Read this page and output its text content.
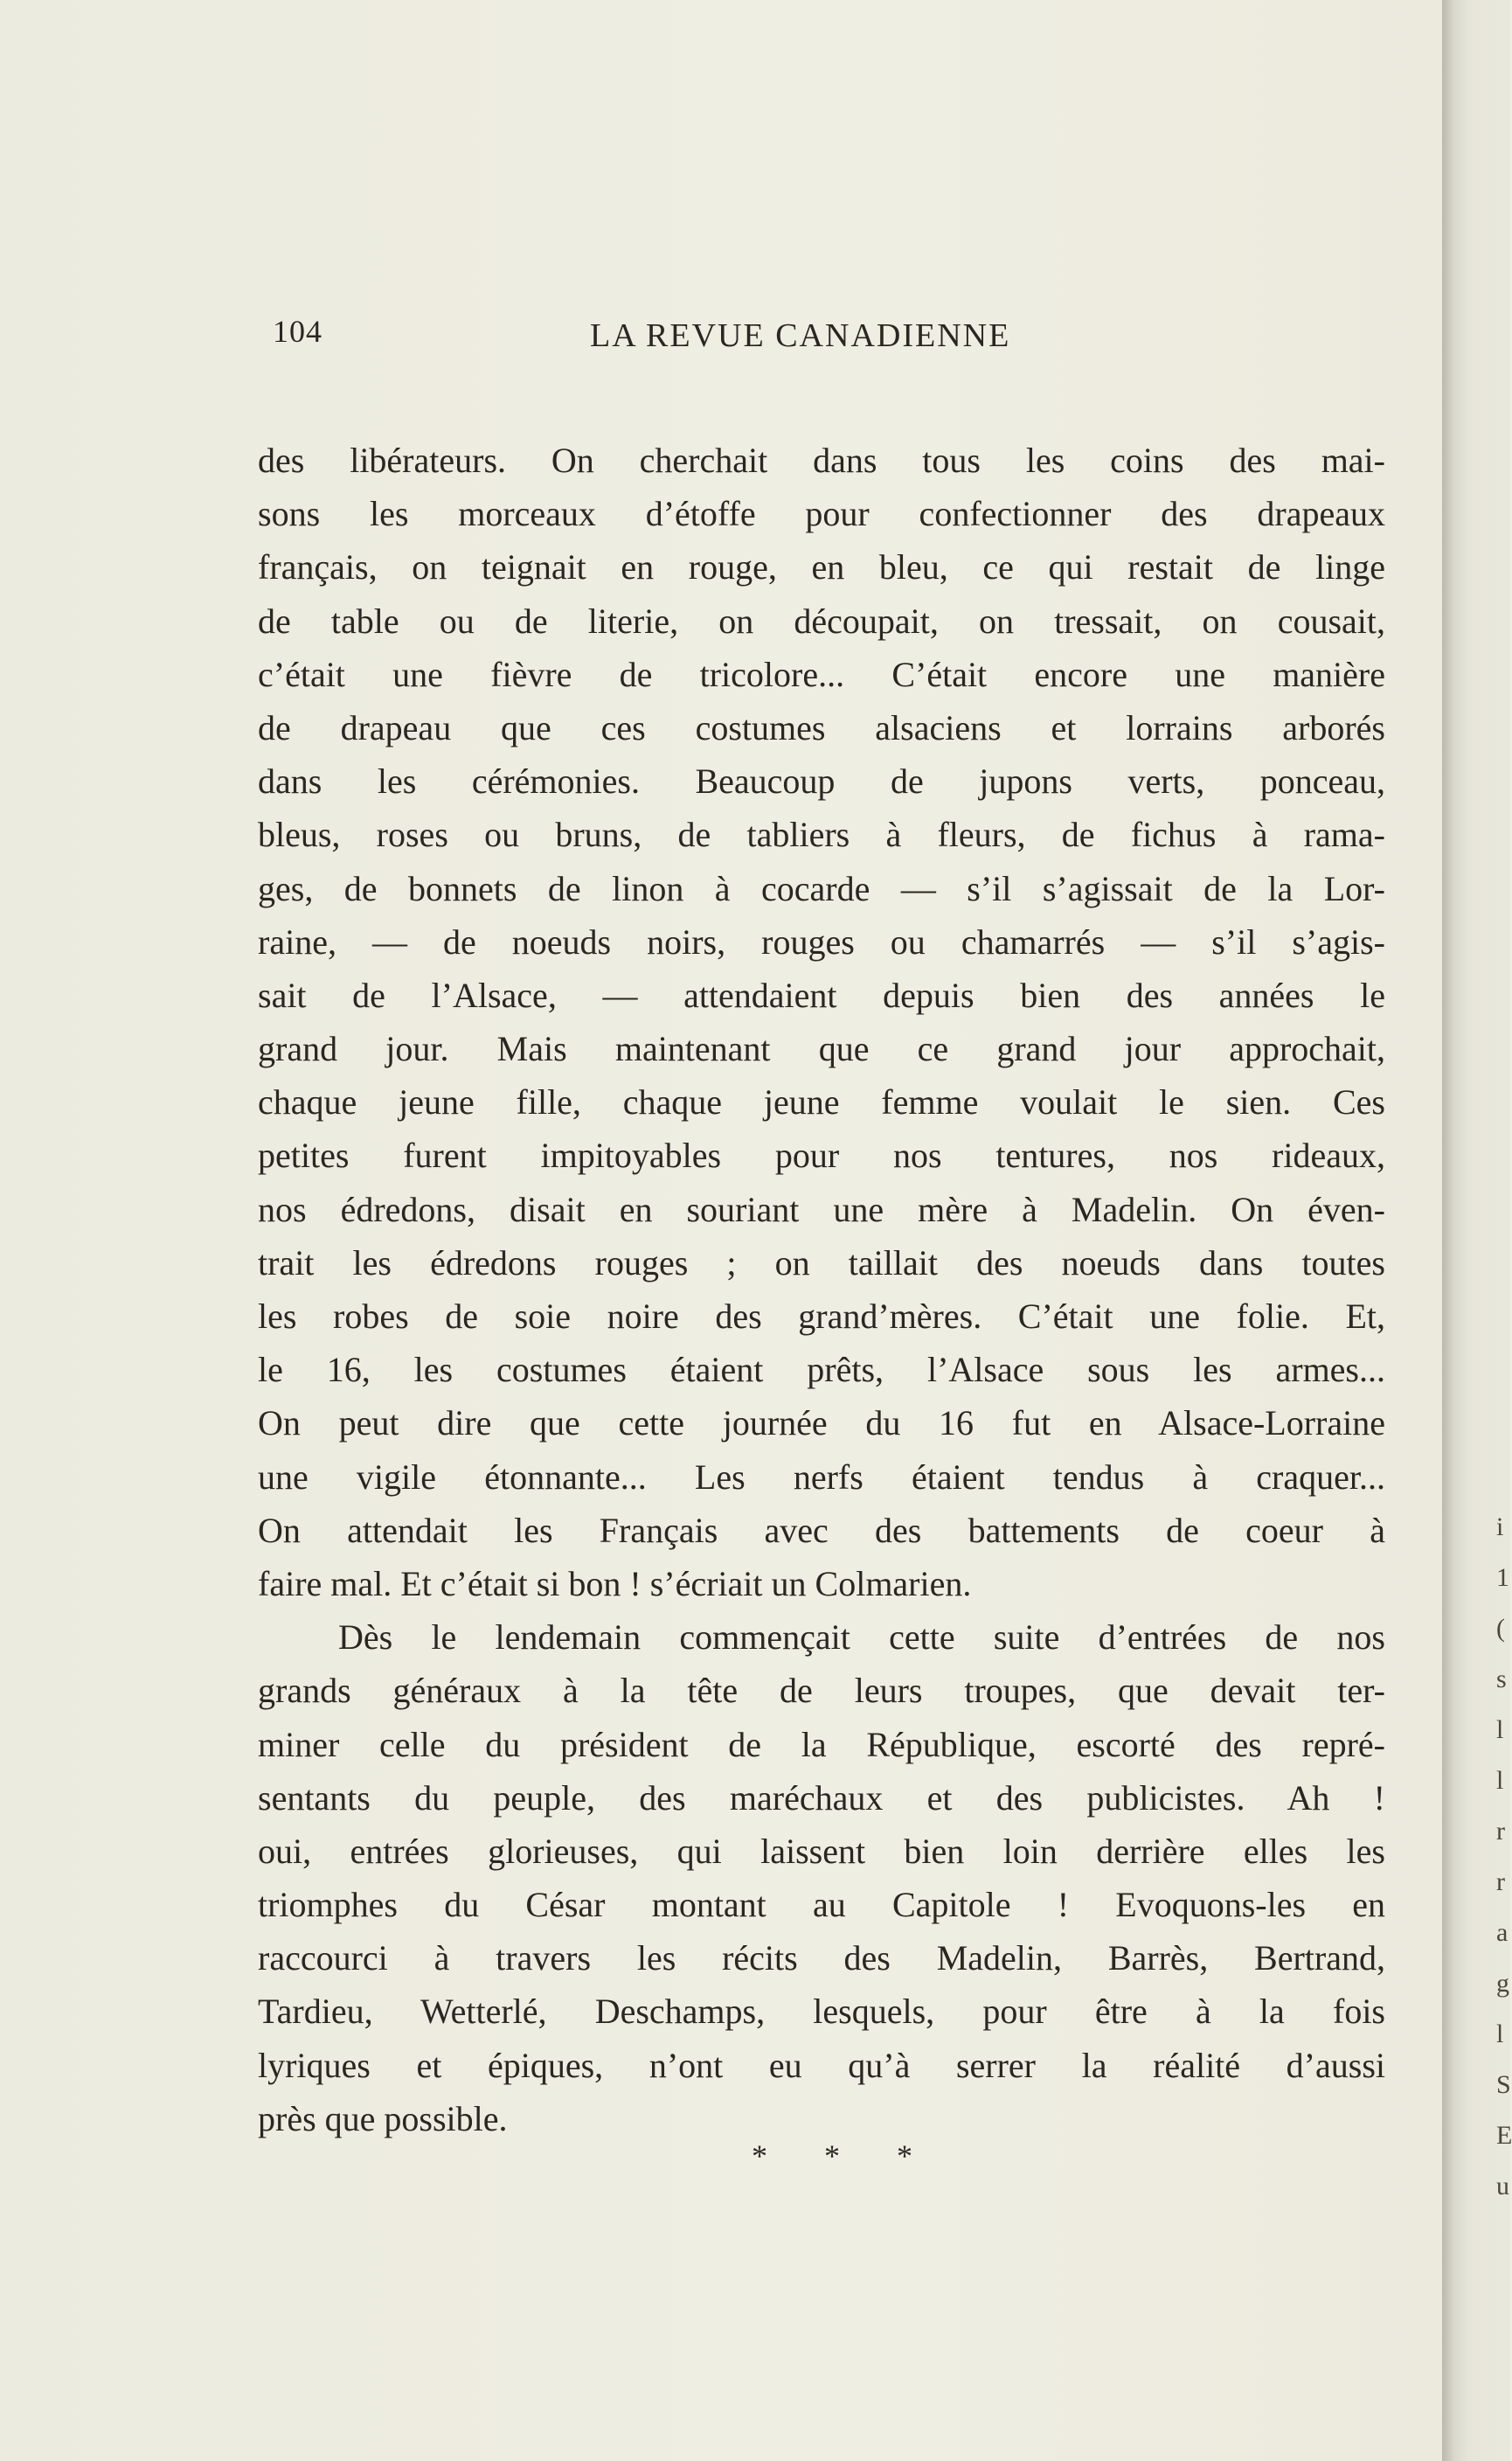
104	LA REVUE CANADIENNE
des libérateurs. On cherchait dans tous les coins des mai-
sons les morceaux d’étoffe pour confectionner des drapeaux
français, on teignait en rouge, en bleu, ce qui restait de linge
de table ou de literie, on découpait, on tressait, on cousait,
c’était une fièvre de tricolore... C’était encore une manière
de drapeau que ces costumes alsaciens et lorrains arborés
dans les cérémonies. Beaucoup de jupons verts, ponceau,
bleus, roses ou bruns, de tabliers à fleurs, de fichus à rama-
ges, de bonnets de linon à cocarde — s’il s’agissait de la Lor-
raine, — de noeuds noirs, rouges ou chamarrés — s’il s’agis-
sait de l’Alsace, — attendaient depuis bien des années le
grand jour. Mais maintenant que ce grand jour approchait,
chaque jeune fille, chaque jeune femme voulait le sien. Ces
petites furent impitoyables pour nos tentures, nos rideaux,
nos édredons, disait en souriant une mère à Madelin. On éven-
trait les édredons rouges ; on taillait des noeuds dans toutes
les robes de soie noire des grand’mères. C’était une folie. Et,
le 16, les costumes étaient prêts, l’Alsace sous les armes...
On peut dire que cette journée du 16 fut en Alsace-Lorraine
une vigile étonnante... Les nerfs étaient tendus à craquer...
On attendait les Français avec des battements de coeur à
faire mal. Et c’était si bon ! s’écriait un Colmarien.
Dès le lendemain commençait cette suite d’entrées de nos
grands généraux à la tête de leurs troupes, que devait ter-
miner celle du président de la République, escorté des repré-
sentants du peuple, des maréchaux et des publicistes. Ah !
oui, entrées glorieuses, qui laissent bien loin derrière elles les
triomphes du César montant au Capitole ! Evoquons-les en
raccourci à travers les récits des Madelin, Barrès, Bertrand,
Tardieu, Wetterlé, Deschamps, lesquels, pour être à la fois
lyriques et épiques, n’ont eu qu’à serrer la réalité d’aussi
près que possible.
* * *
i
1
(
s
l
l
r
r
a
g
l
S
E
u
